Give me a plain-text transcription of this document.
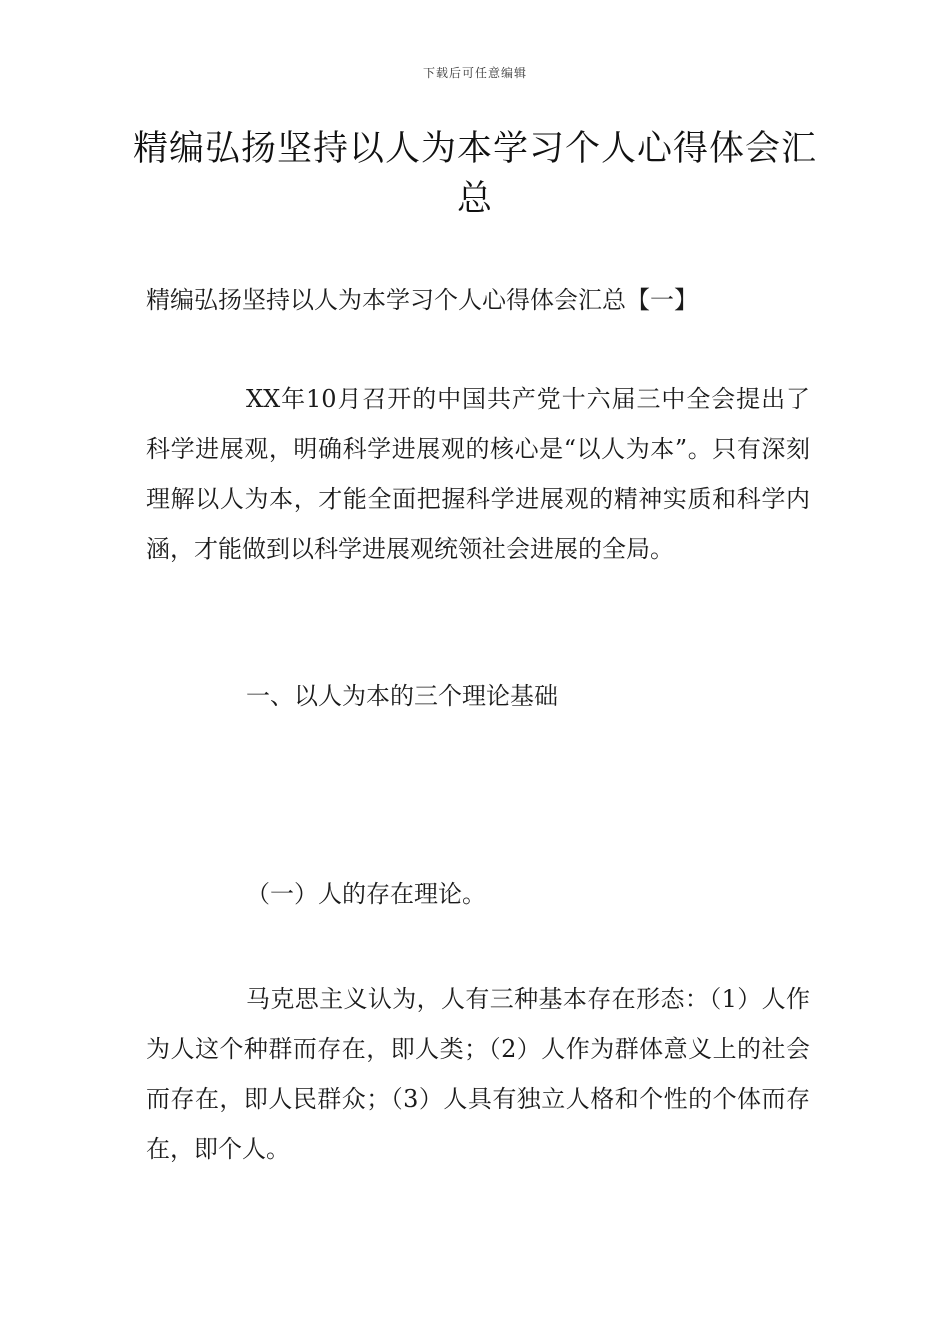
下载后可任意编辑
精编弘扬坚持以人为本学习个人心得体会汇总
精编弘扬坚持以人为本学习个人心得体会汇总【一】

XX年10月召开的中国共产党十六届三中全会提出了科学进展观，明确科学进展观的核心是“以人为本”。只有深刻理解以人为本，才能全面把握科学进展观的精神实质和科学内涵，才能做到以科学进展观统领社会进展的全局。

一、以人为本的三个理论基础
（一）人的存在理论。

马克思主义认为，人有三种基本存在形态：（1）人作为人这个种群而存在，即人类；（2）人作为群体意义上的社会而存在，即人民群众；（3）人具有独立人格和个性的个体而存在，即个人。
